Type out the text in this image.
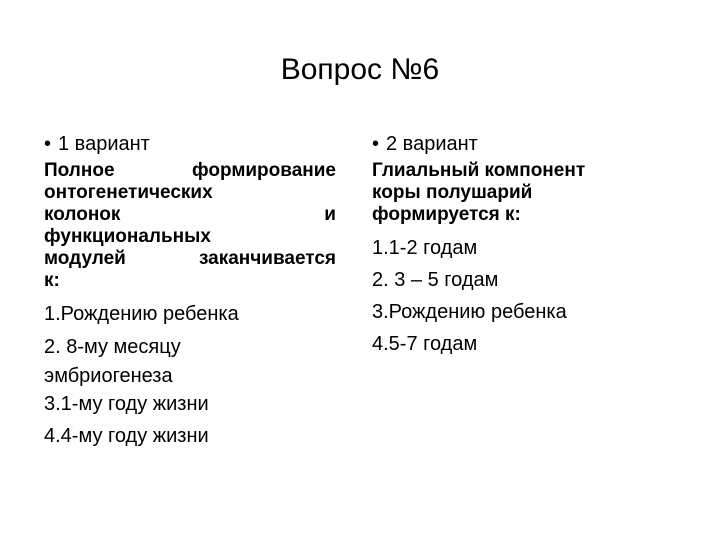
Вопрос №6
• 1 вариант
Полное формирование
онтогенетических
колонок и
функциональных
модулей заканчивается
к:
1.Рождению ребенка
2. 8-му месяцу
эмбриогенеза
3.1-му году жизни
4.4-му году жизни
• 2 вариант
Глиальный компонент
коры полушарий
формируется к:
1.1-2 годам
2. 3 – 5 годам
3.Рождению ребенка
4.5-7 годам
